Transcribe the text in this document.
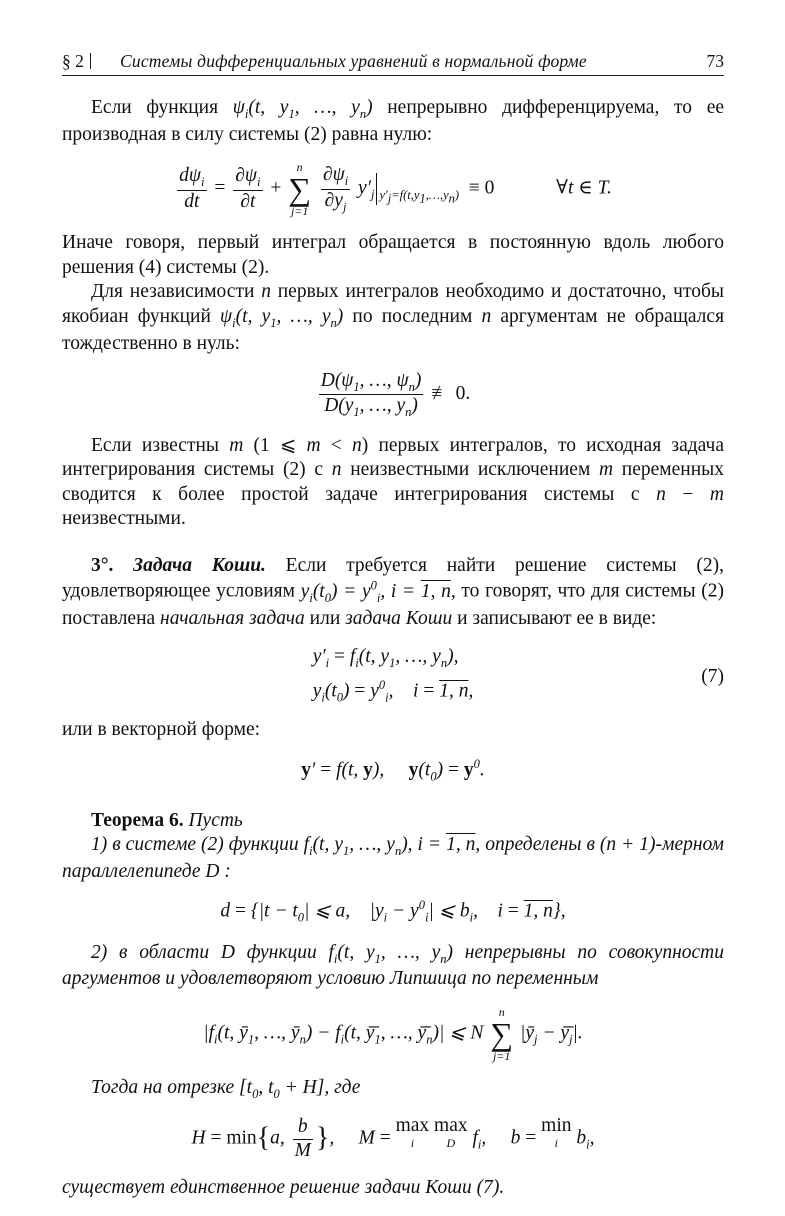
§ 2	Системы дифференциальных уравнений в нормальной форме	73

Если функция $\psi_i(t$, $y_1$, …, $y_n$) непрерывно дифференцируема, то ее производная в силу системы (2) равна нулю:

$\frac{d\psi_i}{dt} = \frac{\partial\psi_i}{\partial t}$ +
n
∑
j=1
$\frac{\partial\psi_i}{\partial y_j} y'_j$ $_{y'_j=f(t,y_1,\dots,y_n)}$  ≡ 0	∀t ∈ T.

Иначе говоря, первый интеграл обращается в постоянную вдоль любого решения (4) системы (2).

Для независимости n первых интегралов необходимо и достаточно, чтобы якобиан функций $\psi_i(t$, $y_1$, …, $y_n$) по последним n аргументам не обращался тождественно в нуль:

$\frac{D(\psi_1, \dots, \psi_n)}{D(y_1, \dots, y_n)}$ ≢ 0.

Если известны m (1 ⩽ m < n) первых интегралов, то исходная задача интегрирования системы (2) с n неизвестными исключением m переменных сводится к более простой задаче интегрирования системы с n − m неизвестными.

3°. Задача Коши. Если требуется найти решение системы (2), удовлетворяющее условиям $y_i(t_0) = y^0_i$, i = 1, n, то говорят, что для системы (2) поставлена начальная задача или задача Коши и записывают ее в виде:

$y'_i = f_i(t$, $y_1$, …, $y_n$),
$y_i(t_0) = y^0_i$,    i = 1, n,
(7)

или в векторной форме:

y′ = f(t, y),     $y(t_0) = y^0$.

Теорема 6. Пусть

1) в системе (2) функции $f_i(t$, $y_1$, …, $y_n$), i = 1, n, определены в (n + 1)-мерном параллелепипеде D :

$d = \{|t - t_0|$ ⩽ a,    $|y_i - y^0_i|$ ⩽ $b_i$,    i = 1, n},

2) в области D функции $f_i(t$, $y_1$, …, $y_n$) непрерывны по совокупности аргументов и удовлетворяют условию Липшица по переменным

$|f_i(t$, $ȳ_1$, …, $ȳ_n) - f_i(t$, $ȳ̄_1$, …, $ȳ̄_n)|$ ⩽ N
n
∑
j=1
$|ȳ_j$ − $ȳ̄_j|$.

Тогда на отрезке [$t_0$, $t_0 + H$], где

H = min{a, $\frac{b}{M}$ },     M = max
i
max
D $f_i$,     b = min
i $b_i$,

существует единственное решение задачи Коши (7).
